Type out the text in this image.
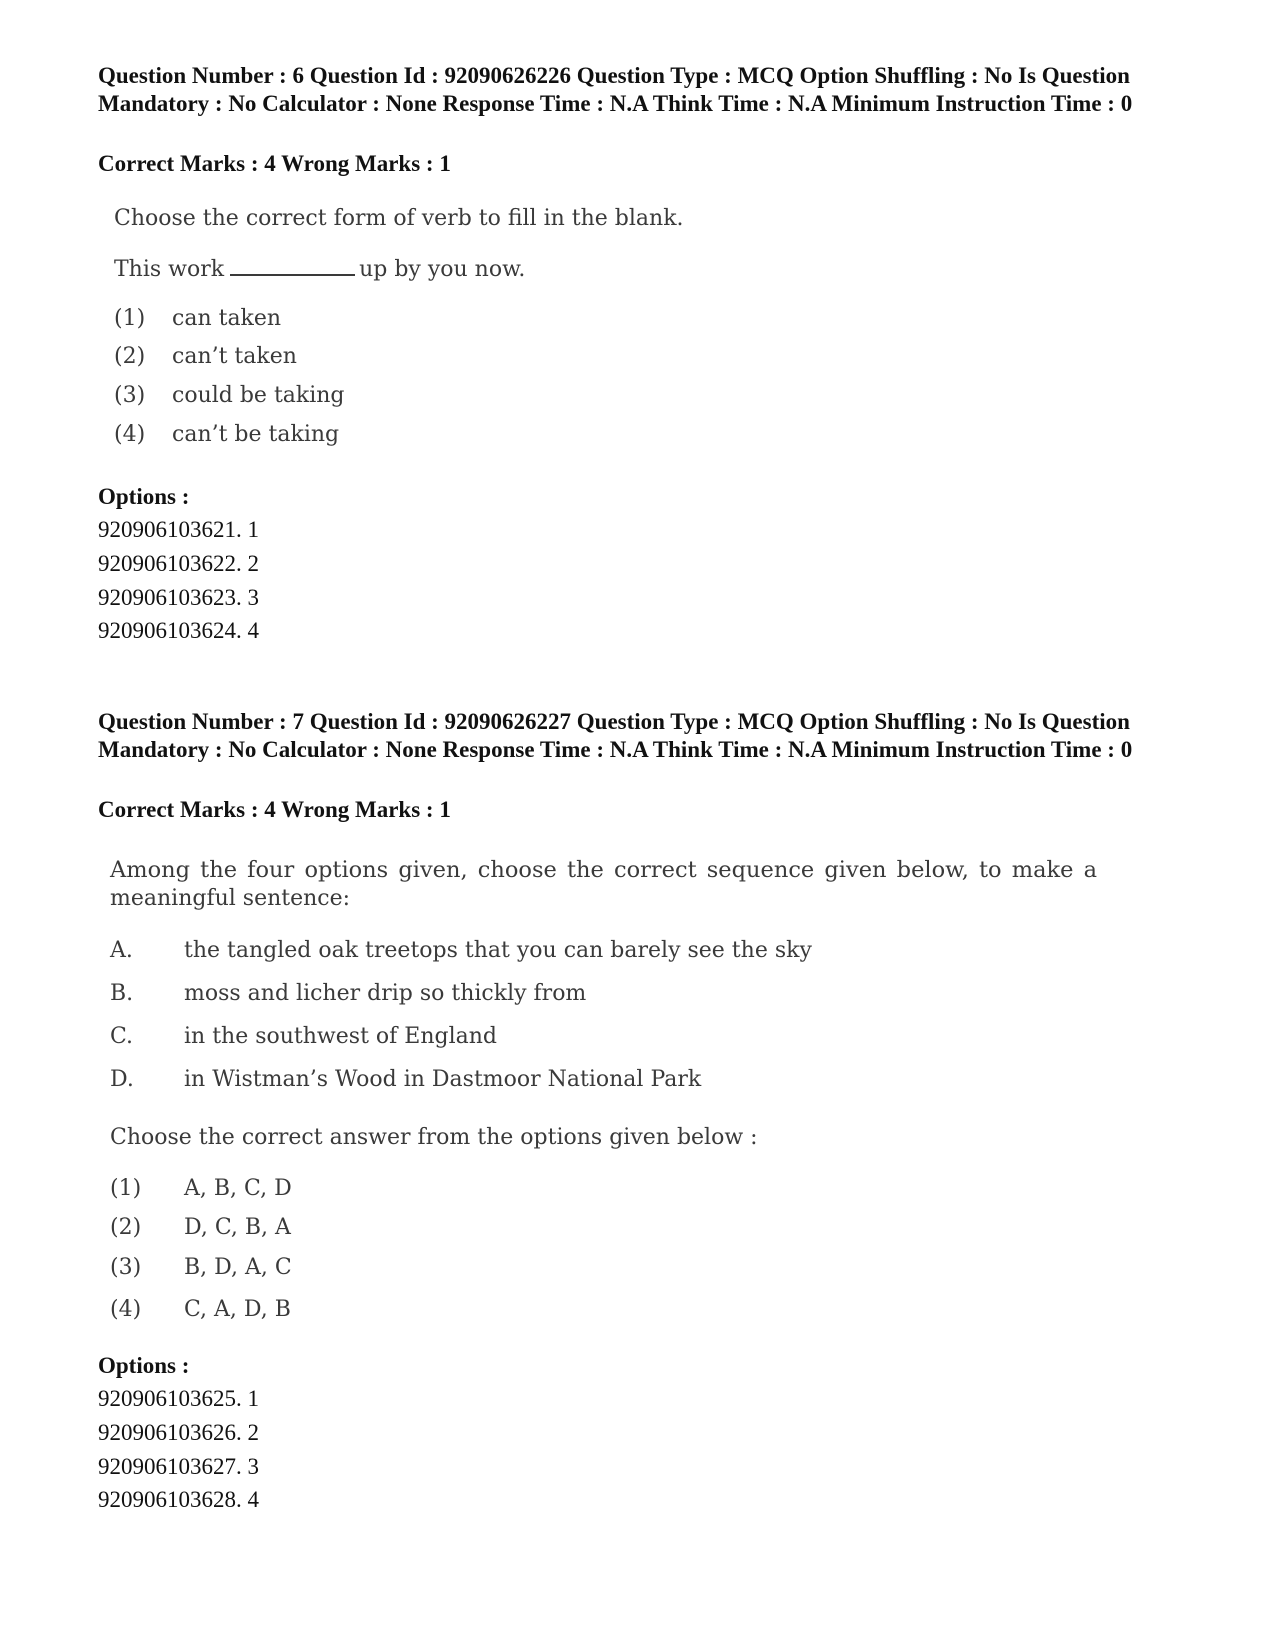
Question Number : 6 Question Id : 92090626226 Question Type : MCQ Option Shuffling : No Is Question Mandatory : No Calculator : None Response Time : N.A Think Time : N.A Minimum Instruction Time : 0
Correct Marks : 4 Wrong Marks : 1
Choose the correct form of verb to fill in the blank.
This work	up by you now.
(1) can taken
(2) can’t taken
(3) could be taking
(4) can’t be taking
Options :
920906103621. 1
920906103622. 2
920906103623. 3
920906103624. 4
Question Number : 7 Question Id : 92090626227 Question Type : MCQ Option Shuffling : No Is Question Mandatory : No Calculator : None Response Time : N.A Think Time : N.A Minimum Instruction Time : 0
Correct Marks : 4 Wrong Marks : 1
Among the four options given, choose the correct sequence given below, to make a
meaningful sentence:
A. the tangled oak treetops that you can barely see the sky
B. moss and licher drip so thickly from
C. in the southwest of England
D. in Wistman’s Wood in Dastmoor National Park
Choose the correct answer from the options given below :
(1) A, B, C, D
(2) D, C, B, A
(3) B, D, A, C
(4) C, A, D, B
Options :
920906103625. 1
920906103626. 2
920906103627. 3
920906103628. 4
